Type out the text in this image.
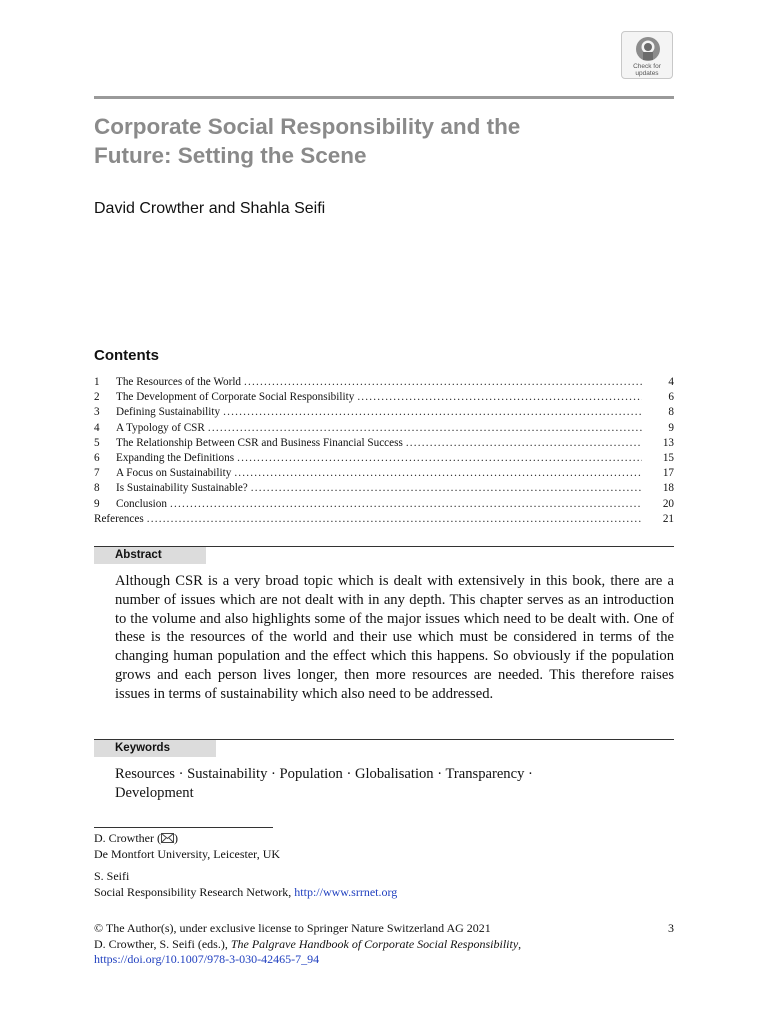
Check for
updates
Corporate Social Responsibility and the
Future: Setting the Scene
David Crowther and Shahla Seifi
Contents
1	The Resources of the World .....	4
2	The Development of Corporate Social Responsibility .....	6
3	Defining Sustainability .....	8
4	A Typology of CSR .....	9
5	The Relationship Between CSR and Business Financial Success .....	13
6	Expanding the Definitions .....	15
7	A Focus on Sustainability .....	17
8	Is Sustainability Sustainable? .....	18
9	Conclusion .....	20
References .....	21
Abstract
Although CSR is a very broad topic which is dealt with extensively in this book, there are a number of issues which are not dealt with in any depth. This chapter serves as an introduction to the volume and also highlights some of the major issues which need to be dealt with. One of these is the resources of the world and their use which must be considered in terms of the changing human population and the effect which this happens. So obviously if the population grows and each person lives longer, then more resources are needed. This therefore raises issues in terms of sustainability which also need to be addressed.
Keywords
Resources · Sustainability · Population · Globalisation · Transparency ·
Development
D. Crowther ( )
De Montfort University, Leicester, UK
S. Seifi
Social Responsibility Research Network, http://www.srrnet.org
© The Author(s), under exclusive license to Springer Nature Switzerland AG 2021	3
D. Crowther, S. Seifi (eds.), The Palgrave Handbook of Corporate Social Responsibility,
https://doi.org/10.1007/978-3-030-42465-7_94
